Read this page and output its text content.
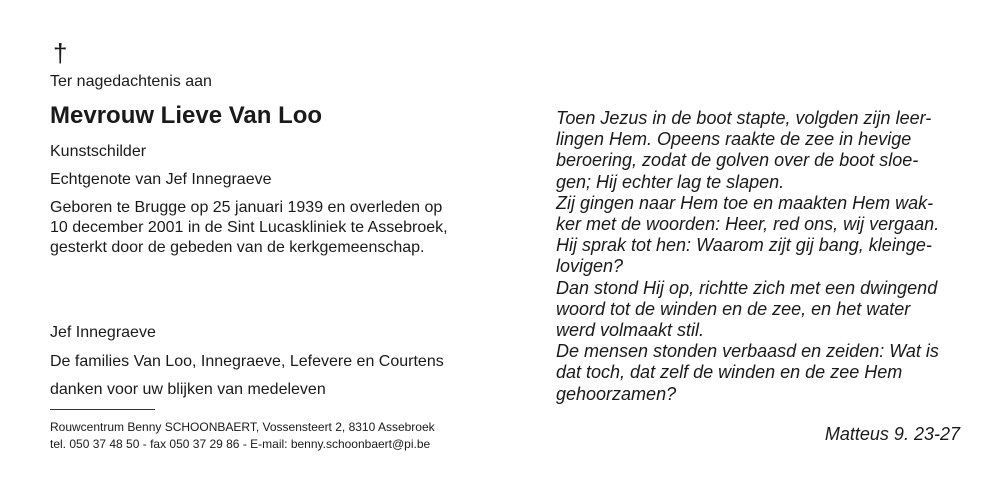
†
Ter nagedachtenis aan
Mevrouw Lieve Van Loo
Kunstschilder
Echtgenote van Jef Innegraeve
Geboren te Brugge op 25 januari 1939 en overleden op
10 december 2001 in de Sint Lucaskliniek te Assebroek,
gesterkt door de gebeden van de kerkgemeenschap.
Jef Innegraeve
De families Van Loo, Innegraeve, Lefevere en Courtens
danken voor uw blijken van medeleven
Rouwcentrum Benny SCHOONBAERT, Vossensteert 2, 8310 Assebroek
tel. 050 37 48 50 - fax 050 37 29 86 - E-mail: benny.schoonbaert@pi.be
Toen Jezus in de boot stapte, volgden zijn leer-
lingen Hem. Opeens raakte de zee in hevige
beroering, zodat de golven over de boot sloe-
gen; Hij echter lag te slapen.
Zij gingen naar Hem toe en maakten Hem wak-
ker met de woorden: Heer, red ons, wij vergaan.
Hij sprak tot hen: Waarom zijt gij bang, kleinge-
lovigen?
Dan stond Hij op, richtte zich met een dwingend
woord tot de winden en de zee, en het water
werd volmaakt stil.
De mensen stonden verbaasd en zeiden: Wat is
dat toch, dat zelf de winden en de zee Hem
gehoorzamen?
Matteus 9. 23-27
